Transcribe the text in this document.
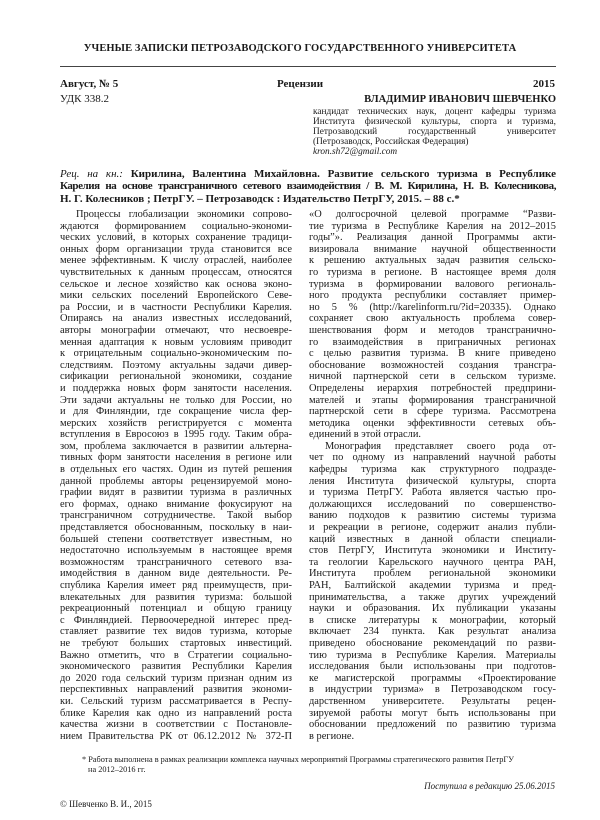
УЧЕНЫЕ ЗАПИСКИ ПЕТРОЗАВОДСКОГО ГОСУДАРСТВЕННОГО УНИВЕРСИТЕТА
Август, № 5	Рецензии	2015
УДК 338.2	ВЛАДИМИР ИВАНОВИЧ ШЕВЧЕНКО
кандидат технических наук, доцент кафедры туризма Института физической культуры, спорта и туризма, Петрозаводский государственный университет (Петрозаводск, Российская Федерация)
kron.sh72@gmail.com
Рец. на кн.: Кирилина, Валентина Михайловна. Развитие сельского туризма в Республике
Карелия на основе трансграничного сетевого взаимодействия / В. М. Кирилина, Н. В. Колесникова,
Н. Г. Колесников ; ПетрГУ. – Петрозаводск : Издательство ПетрГУ, 2015. – 88 с.*
Процессы глобализации экономики сопрово-
ждаются формированием социально-экономи-
ческих условий, в которых сохранение традици-
онных форм организации труда становится все
менее эффективным. К числу отраслей, наиболее
чувствительных к данным процессам, относятся
сельское и лесное хозяйство как основа эконо-
мики сельских поселений Европейского Севе-
ра России, и в частности Республики Карелия.
Опираясь на анализ известных исследований,
авторы монографии отмечают, что несвоевре-
менная адаптация к новым условиям приводит
к отрицательным социально-экономическим по-
следствиям. Поэтому актуальны задачи дивер-
сификации региональной экономики, создание
и поддержка новых форм занятости населения.
Эти задачи актуальны не только для России, но
и для Финляндии, где сокращение числа фер-
мерских хозяйств регистрируется с момента
вступления в Евросоюз в 1995 году. Таким обра-
зом, проблема заключается в развитии альтерна-
тивных форм занятости населения в регионе или
в отдельных его частях. Один из путей решения
данной проблемы авторы рецензируемой моно-
графии видят в развитии туризма в различных
его формах, однако внимание фокусируют на
трансграничном сотрудничестве. Такой выбор
представляется обоснованным, поскольку в наи-
большей степени соответствует известным, но
недостаточно используемым в настоящее время
возможностям трансграничного сетевого вза-
имодействия в данном виде деятельности. Ре-
спублика Карелия имеет ряд преимуществ, при-
влекательных для развития туризма: большой
рекреационный потенциал и общую границу
с Финляндией. Первоочередной интерес пред-
ставляет развитие тех видов туризма, которые
не требуют больших стартовых инвестиций.
Важно отметить, что в Стратегии социально-
экономического развития Республики Карелия
до 2020 года сельский туризм признан одним из
перспективных направлений развития экономи-
ки. Сельский туризм рассматривается в Респу-
блике Карелия как одно из направлений роста
качества жизни в соответствии с Постановле-
нием Правительства РК от 06.12.2012 № 372-П
«О долгосрочной целевой программе “Разви-
тие туризма в Республике Карелия на 2012–2015
годы”». Реализация данной Программы акти-
визировала внимание научной общественности
к решению актуальных задач развития сельско-
го туризма в регионе. В настоящее время доля
туризма в формировании валового региональ-
ного продукта республики составляет пример-
но 5 % (http://karelinform.ru/?id=20335). Однако
сохраняет свою актуальность проблема совер-
шенствования форм и методов трансгранично-
го взаимодействия в приграничных регионах
с целью развития туризма. В книге приведено
обоснование возможностей создания трансгра-
ничной партнерской сети в сельском туризме.
Определены иерархия потребностей предприни-
мателей и этапы формирования трансграничной
партнерской сети в сфере туризма. Рассмотрена
методика оценки эффективности сетевых объ-
единений в этой отрасли.
Монография представляет своего рода от-
чет по одному из направлений научной работы
кафедры туризма как структурного подразде-
ления Института физической культуры, спорта
и туризма ПетрГУ. Работа является частью про-
должающихся исследований по совершенство-
ванию подходов к развитию системы туризма
и рекреации в регионе, содержит анализ публи-
каций известных в данной области специали-
стов ПетрГУ, Института экономики и Институ-
та геологии Карельского научного центра РАН,
Института проблем региональной экономики
РАН, Балтийской академии туризма и пред-
принимательства, а также других учреждений
науки и образования. Их публикации указаны
в списке литературы к монографии, который
включает 234 пункта. Как результат анализа
приведено обоснование рекомендаций по разви-
тию туризма в Республике Карелия. Материалы
исследования были использованы при подготов-
ке магистерской программы «Проектирование
в индустрии туризма» в Петрозаводском госу-
дарственном университете. Результаты рецен-
зируемой работы могут быть использованы при
обосновании предложений по развитию туризма
в регионе.
* Работа выполнена в рамках реализации комплекса научных мероприятий Программы стратегического развития ПетрГУ
на 2012–2016 гг.
Поступила в редакцию 25.06.2015
© Шевченко В. И., 2015
